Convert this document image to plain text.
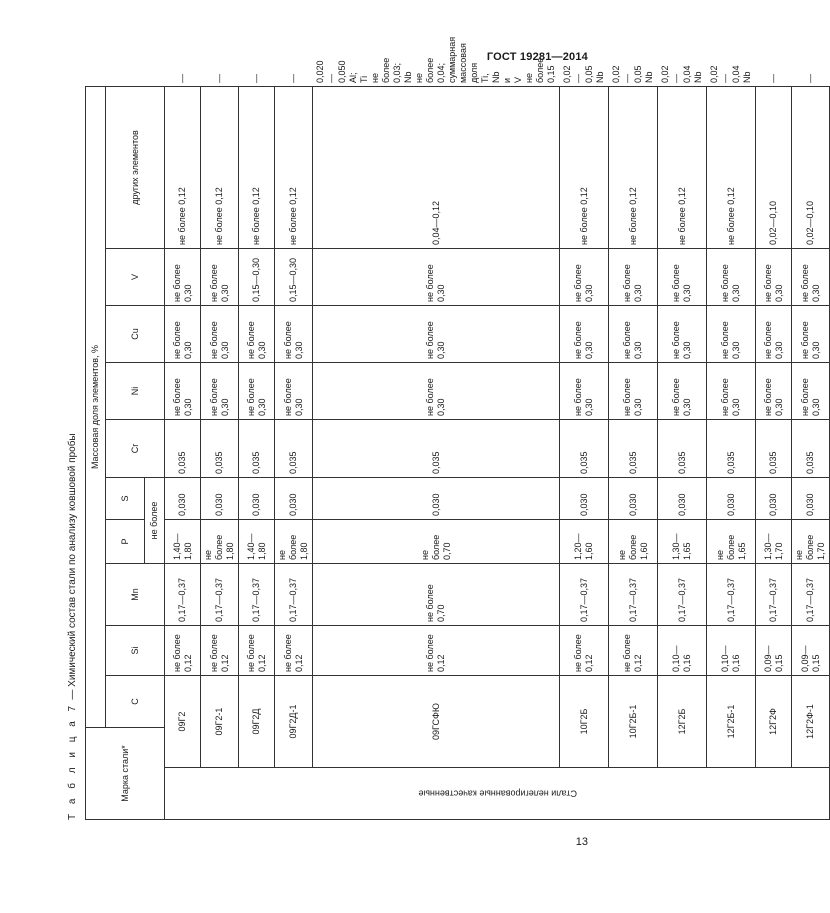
ГОСТ 19281—2014
Т а б л и ц а 7 — Химический состав стали по анализу ковшовой пробы
Марка стали*		Массовая доля элементов, %										
		C	Si	Mn	P	S	Cr	Ni	Cu	V	других элементов	
					не более							
Стали нелегированные качественные	09Г2		не более 0,12	0,17—0,37	1,40—1,80	0,030	0,035	не более 0,30	не более 0,30	не более 0,30	не более 0,12	—
	09Г2-1		не более 0,12	0,17—0,37	не более 1,80	0,030	0,035	не более 0,30	не более 0,30	не более 0,30	не более 0,12	—
	09Г2Д		не более 0,12	0,17—0,37	1,40—1,80	0,030	0,035	не более 0,30	не более 0,30	0,15—0,30	не более 0,12	—
	09Г2Д-1		не более 0,12	0,17—0,37	не более 1,80	0,030	0,035	не более 0,30	не более 0,30	0,15—0,30	не более 0,12	—
	09ГСФЮ		не более 0,12	не более 0,70	не более 0,70	0,030	0,035	не более 0,30	не более 0,30	не более 0,30	0,04—0,12	0,020—0,050 Al; Ti не более 0,03; Nb не более 0,04; суммарная массовая доля Ti, Nb и V не более 0,15
	10Г2Б		не более 0,12	0,17—0,37	1,20—1,60	0,030	0,035	не более 0,30	не более 0,30	не более 0,30	не более 0,12	0,02—0,05 Nb
	10Г2Б-1		не более 0,12	0,17—0,37	не более 1,60	0,030	0,035	не более 0,30	не более 0,30	не более 0,30	не более 0,12	0,02—0,05 Nb
	12Г2Б		0,10—0,16	0,17—0,37	1,30—1,65	0,030	0,035	не более 0,30	не более 0,30	не более 0,30	не более 0,12	0,02—0,04 Nb
	12Г2Б-1		0,10—0,16	0,17—0,37	не более 1,65	0,030	0,035	не более 0,30	не более 0,30	не более 0,30	не более 0,12	0,02—0,04 Nb
	12Г2Ф		0,09—0,15	0,17—0,37	1,30—1,70	0,030	0,035	не более 0,30	не более 0,30	не более 0,30	0,02—0,10	—
	12Г2Ф-1		0,09—0,15	0,17—0,37	не более 1,70	0,030	0,035	не более 0,30	не более 0,30	не более 0,30	0,02—0,10	—
13
